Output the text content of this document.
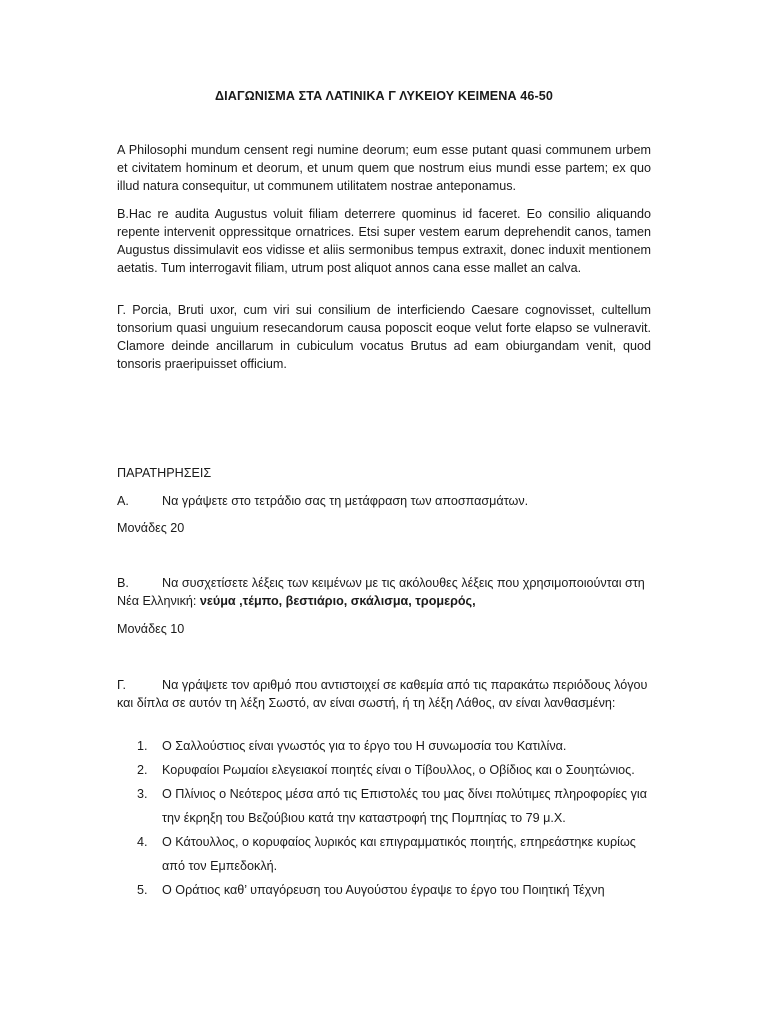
ΔΙΑΓΩΝΙΣΜΑ ΣΤΑ ΛΑΤΙΝΙΚΑ Γ ΛΥΚΕΙΟΥ ΚΕΙΜΕΝΑ 46-50

A Philosophi mundum censent regi numine deorum; eum esse putant quasi communem urbem et civitatem hominum et deorum, et unum quem que nostrum eius mundi esse partem; ex quo illud natura consequitur, ut communem utilitatem nostrae anteponamus.

B.Hac re audita Augustus voluit filiam deterrere quominus id faceret. Eo consilio aliquando repente intervenit oppressitque ornatrices. Etsi super vestem earum deprehendit canos, tamen Augustus dissimulavit eos vidisse et aliis sermonibus tempus extraxit, donec induxit mentionem aetatis. Tum interrogavit filiam, utrum post aliquot annos cana esse mallet an calva.

Γ. Porcia, Bruti uxor, cum viri sui consilium de interficiendo Caesare cognovisset, cultellum tonsorium quasi unguium resecandorum causa poposcit eoque velut forte elapso se vulneravit. Clamore deinde ancillarum in cubiculum vocatus Brutus ad eam obiurgandam venit, quod tonsoris praeripuisset officium.

ΠΑΡΑΤΗΡΗΣΕΙΣ

Α.	Να γράψετε στο τετράδιο σας τη μετάφραση των αποσπασμάτων.

Μονάδες 20

Β.	Να συσχετίσετε λέξεις των κειμένων με τις ακόλουθες λέξεις που χρησιμοποιούνται στη Νέα Ελληνική: νεύμα ,τέμπο, βεστιάριο, σκάλισμα, τρομερός,

Μονάδες 10

Γ.	Να γράψετε τον αριθμό που αντιστοιχεί σε καθεμία από τις παρακάτω περιόδους λόγου και δίπλα σε αυτόν τη λέξη Σωστό, αν είναι σωστή, ή τη λέξη Λάθος, αν είναι λανθασμένη:

1. Ο Σαλλούστιος είναι γνωστός για το έργο του Η συνωμοσία του Κατιλίνα.
2. Κορυφαίοι Ρωμαίοι ελεγειακοί ποιητές είναι ο Τίβουλλος, ο Οβίδιος και ο Σουητώνιος.
3. Ο Πλίνιος ο Νεότερος μέσα από τις Επιστολές του μας δίνει πολύτιμες πληροφορίες για την έκρηξη του Βεζούβιου κατά την καταστροφή της Πομπηίας το 79 μ.Χ.
4. Ο Κάτουλλος, ο κορυφαίος λυρικός και επιγραμματικός ποιητής, επηρεάστηκε κυρίως από τον Εμπεδοκλή.
5. Ο Οράτιος καθ’ υπαγόρευση του Αυγούστου έγραψε το έργο του Ποιητική Τέχνη
